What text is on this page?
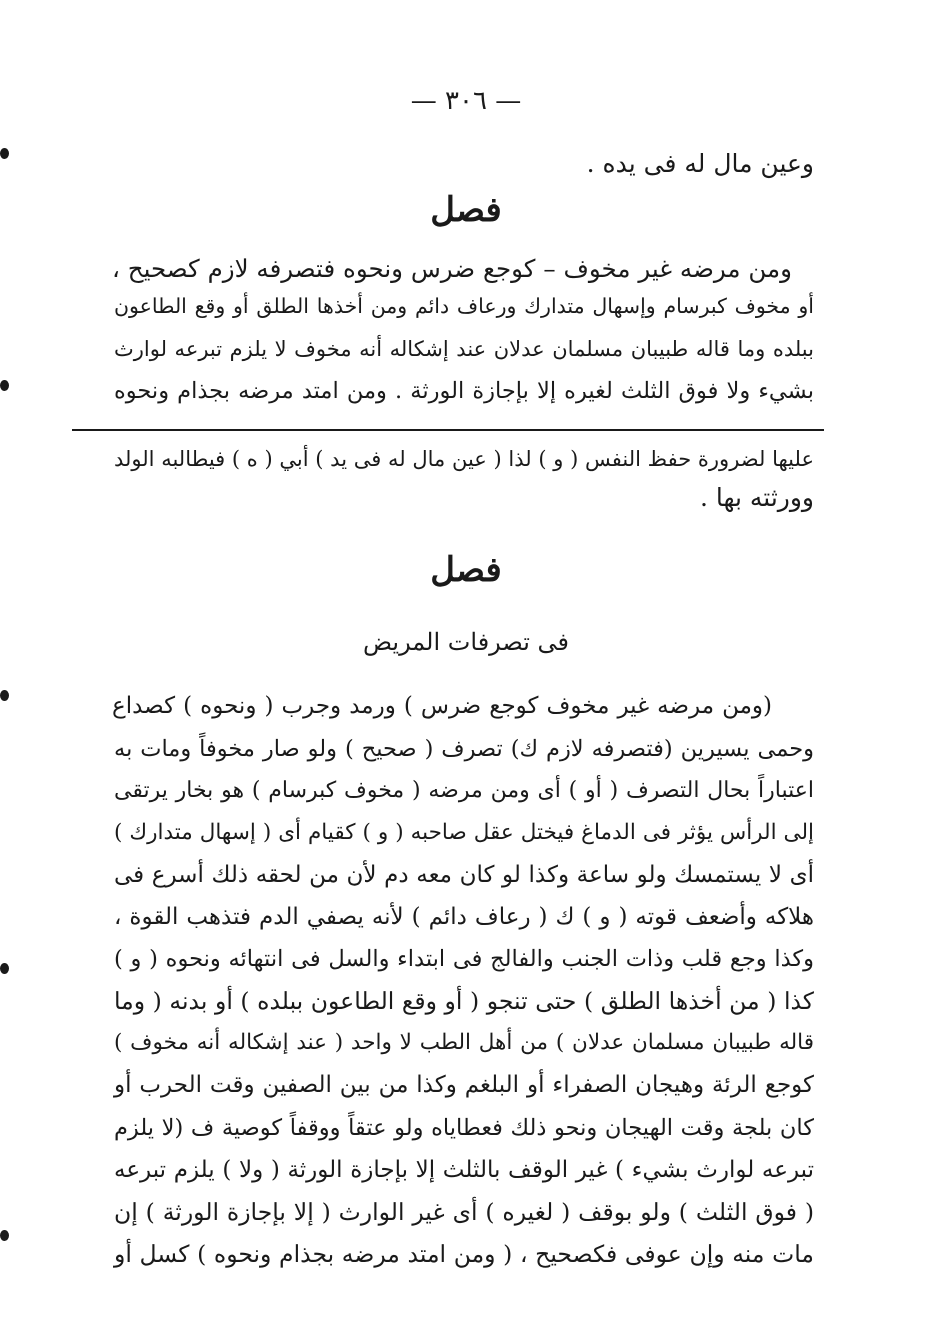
— ٣٠٦ —
وعين مال له فى يده .
فصل
ومن مرضه غير مخوف – كوجع ضرس ونحوه فتصرفه لازم كصحيح ،
أو مخوف كبرسام وإسهال متدارك ورعاف دائم ومن أخذها الطلق أو وقع الطاعون
ببلده وما قاله طبيبان مسلمان عدلان عند إشكاله أنه مخوف لا يلزم تبرعه لوارث
بشيء ولا فوق الثلث لغيره إلا بإجازة الورثة . ومن امتد مرضه بجذام ونحوه
عليها لضرورة حفظ النفس ( و ) لذا ( عين مال له فى يد ) أبي ( ه ) فيطالبه الولد
وورثته بها .
فصل
فى تصرفات المريض
(ومن مرضه غير مخوف كوجع ضرس ) ورمد وجرب ( ونحوه ) كصداع
وحمى يسيرين (فتصرفه لازم ك) تصرف ( صحيح ) ولو صار مخوفاً ومات به
اعتباراً بحال التصرف ( أو ) أى ومن مرضه ( مخوف كبرسام ) هو بخار يرتقى
إلى الرأس يؤثر فى الدماغ فيختل عقل صاحبه ( و ) كقيام أى ( إسهال متدارك )
أى لا يستمسك ولو ساعة وكذا لو كان معه دم لأن من لحقه ذلك أسرع فى
هلاكه وأضعف قوته ( و ) ك ( رعاف دائم ) لأنه يصفي الدم فتذهب القوة ،
وكذا وجع قلب وذات الجنب والفالج فى ابتداء والسل فى انتهائه ونحوه ( و )
كذا ( من أخذها الطلق ) حتى تنجو ( أو وقع الطاعون ببلده ) أو بدنه ( وما
قاله طبيبان مسلمان عدلان ) من أهل الطب لا واحد ( عند إشكاله أنه مخوف )
كوجع الرئة وهيجان الصفراء أو البلغم وكذا من بين الصفين وقت الحرب أو
كان بلجة وقت الهيجان ونحو ذلك فعطاياه ولو عتقاً ووقفاً كوصية ف (لا يلزم
تبرعه لوارث بشيء ) غير الوقف بالثلث إلا بإجازة الورثة ( ولا ) يلزم تبرعه
( فوق الثلث ) ولو بوقف ( لغيره ) أى غير الوارث ( إلا بإجازة الورثة ) إن
مات منه وإن عوفى فكصحيح ، ( ومن امتد مرضه بجذام ونحوه ) كسل أو
